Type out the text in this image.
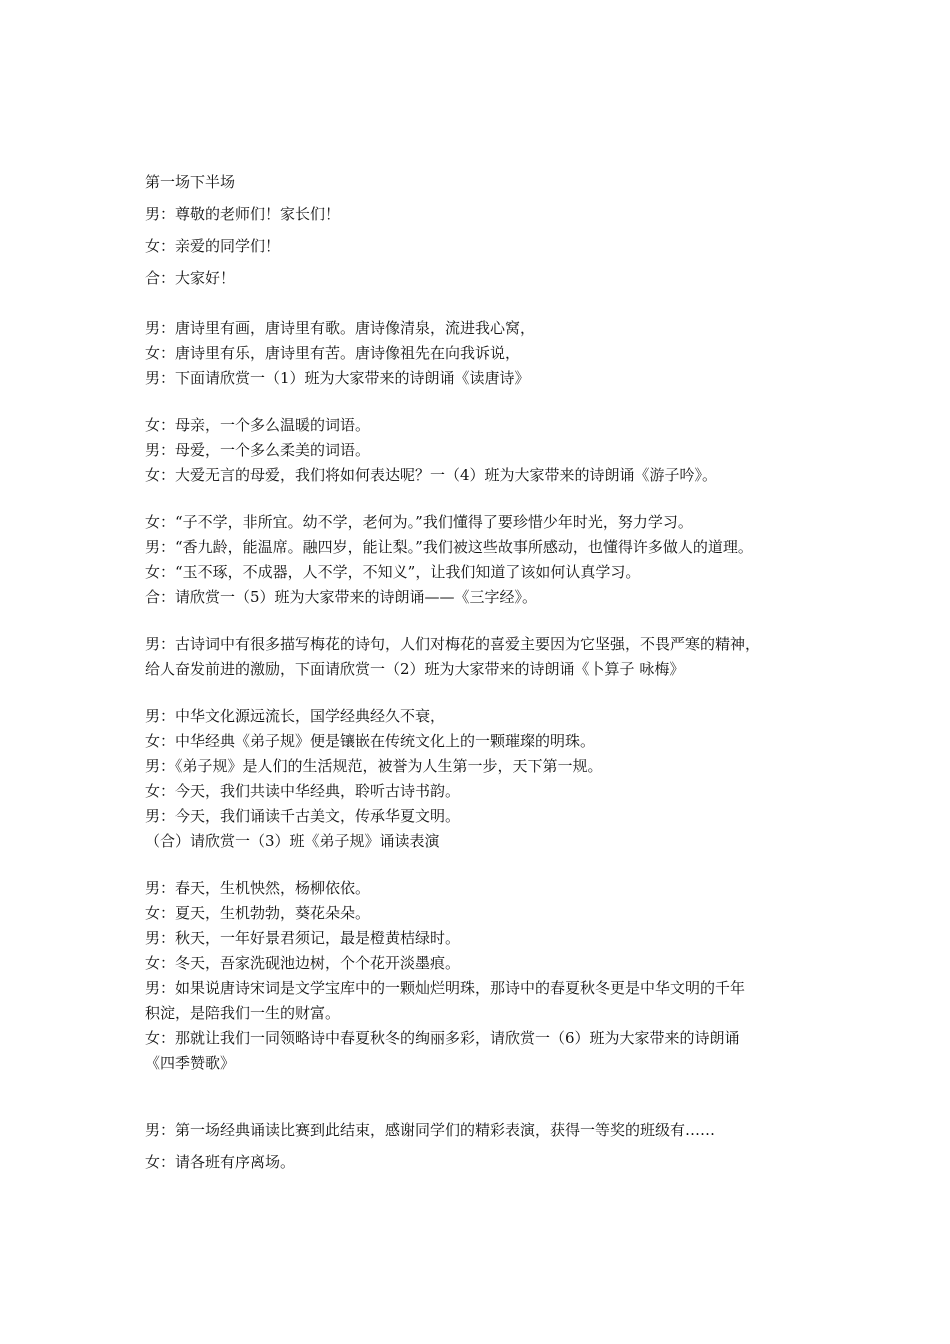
第一场下半场
男：尊敬的老师们！家长们！
女：亲爱的同学们！
合：大家好！
男：唐诗里有画，唐诗里有歌。唐诗像清泉，流进我心窝，
女：唐诗里有乐，唐诗里有苦。唐诗像祖先在向我诉说，
男：下面请欣赏一（1）班为大家带来的诗朗诵《读唐诗》
女：母亲，一个多么温暖的词语。
男：母爱，一个多么柔美的词语。
女：大爱无言的母爱，我们将如何表达呢？一（4）班为大家带来的诗朗诵《游子吟》。
女：“子不学，非所宜。幼不学，老何为。”我们懂得了要珍惜少年时光，努力学习。
男：“香九龄，能温席。融四岁，能让梨。”我们被这些故事所感动，也懂得许多做人的道理。
女：“玉不琢，不成器，人不学，不知义”，让我们知道了该如何认真学习。
合：请欣赏一（5）班为大家带来的诗朗诵——《三字经》。
男：古诗词中有很多描写梅花的诗句，人们对梅花的喜爱主要因为它坚强，不畏严寒的精神，
给人奋发前进的激励，下面请欣赏一（2）班为大家带来的诗朗诵《卜算子 咏梅》
男：中华文化源远流长，国学经典经久不衰，
女：中华经典《弟子规》便是镶嵌在传统文化上的一颗璀璨的明珠。
男：《弟子规》是人们的生活规范，被誉为人生第一步，天下第一规。
女：今天，我们共读中华经典，聆听古诗书韵。
男：今天，我们诵读千古美文，传承华夏文明。
（合）请欣赏一（3）班《弟子规》诵读表演
男：春天，生机怏然，杨柳依依。
女：夏天，生机勃勃，葵花朵朵。
男：秋天，一年好景君须记，最是橙黄桔绿时。
女：冬天，吾家洗砚池边树，个个花开淡墨痕。
男：如果说唐诗宋词是文学宝库中的一颗灿烂明珠，那诗中的春夏秋冬更是中华文明的千年
积淀，是陪我们一生的财富。
女：那就让我们一同领略诗中春夏秋冬的绚丽多彩，请欣赏一（6）班为大家带来的诗朗诵
《四季赞歌》
男：第一场经典诵读比赛到此结束，感谢同学们的精彩表演，获得一等奖的班级有……
女：请各班有序离场。
